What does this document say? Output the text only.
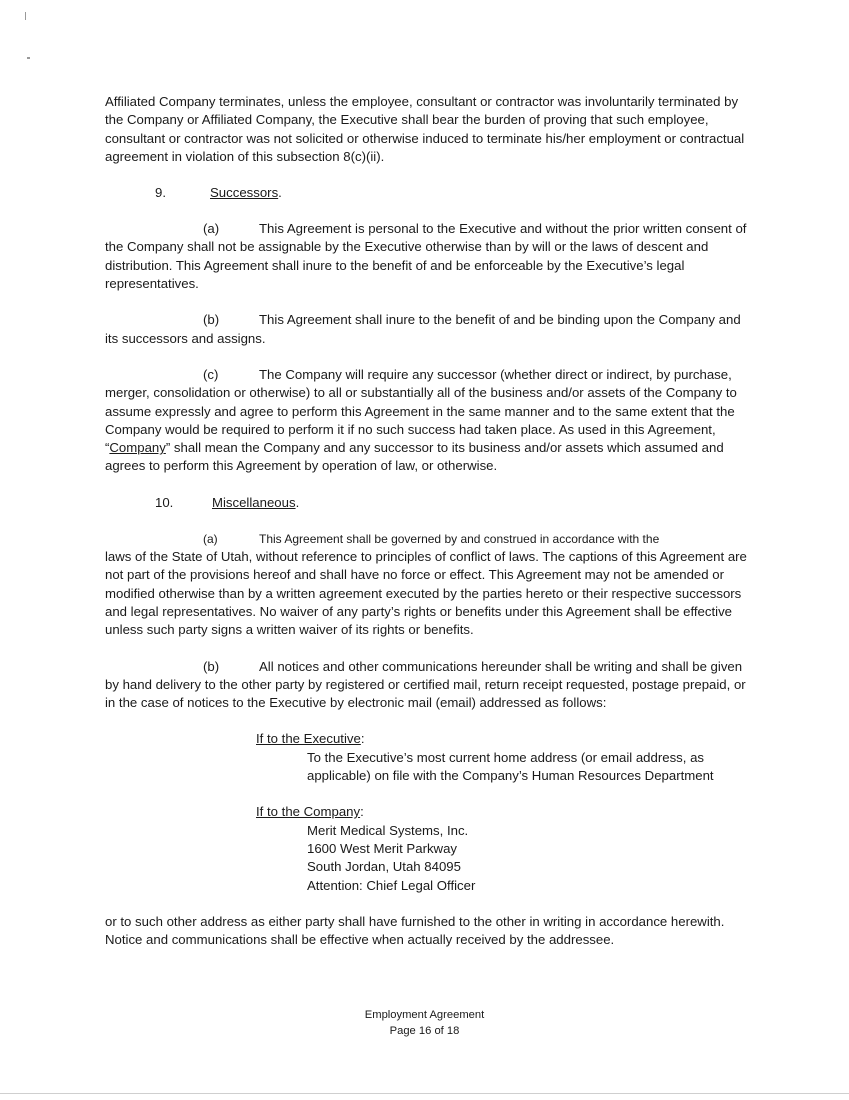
Affiliated Company terminates, unless the employee, consultant or contractor was involuntarily terminated by the Company or Affiliated Company, the Executive shall bear the burden of proving that such employee, consultant or contractor was not solicited or otherwise induced to terminate his/her employment or contractual agreement in violation of this subsection 8(c)(ii).

9.	Successors.

(a)	This Agreement is personal to the Executive and without the prior written consent of the Company shall not be assignable by the Executive otherwise than by will or the laws of descent and distribution. This Agreement shall inure to the benefit of and be enforceable by the Executive’s legal representatives.

(b)	This Agreement shall inure to the benefit of and be binding upon the Company and its successors and assigns.

(c)	The Company will require any successor (whether direct or indirect, by purchase, merger, consolidation or otherwise) to all or substantially all of the business and/or assets of the Company to assume expressly and agree to perform this Agreement in the same manner and to the same extent that the Company would be required to perform it if no such success had taken place. As used in this Agreement, “Company” shall mean the Company and any successor to its business and/or assets which assumed and agrees to perform this Agreement by operation of law, or otherwise.

10.	Miscellaneous.

(a)	This Agreement shall be governed by and construed in accordance with the
laws of the State of Utah, without reference to principles of conflict of laws. The captions of this Agreement are not part of the provisions hereof and shall have no force or effect. This Agreement may not be amended or modified otherwise than by a written agreement executed by the parties hereto or their respective successors and legal representatives. No waiver of any party’s rights or benefits under this Agreement shall be effective unless such party signs a written waiver of its rights or benefits.

(b)	All notices and other communications hereunder shall be writing and shall be given by hand delivery to the other party by registered or certified mail, return receipt requested, postage prepaid, or in the case of notices to the Executive by electronic mail (email) addressed as follows:

If to the Executive:
To the Executive’s most current home address (or email address, as
applicable) on file with the Company’s Human Resources Department
If to the Company:
Merit Medical Systems, Inc.
1600 West Merit Parkway
South Jordan, Utah 84095
Attention: Chief Legal Officer

or to such other address as either party shall have furnished to the other in writing in accordance herewith. Notice and communications shall be effective when actually received by the addressee.

Employment Agreement
Page 16 of 18
